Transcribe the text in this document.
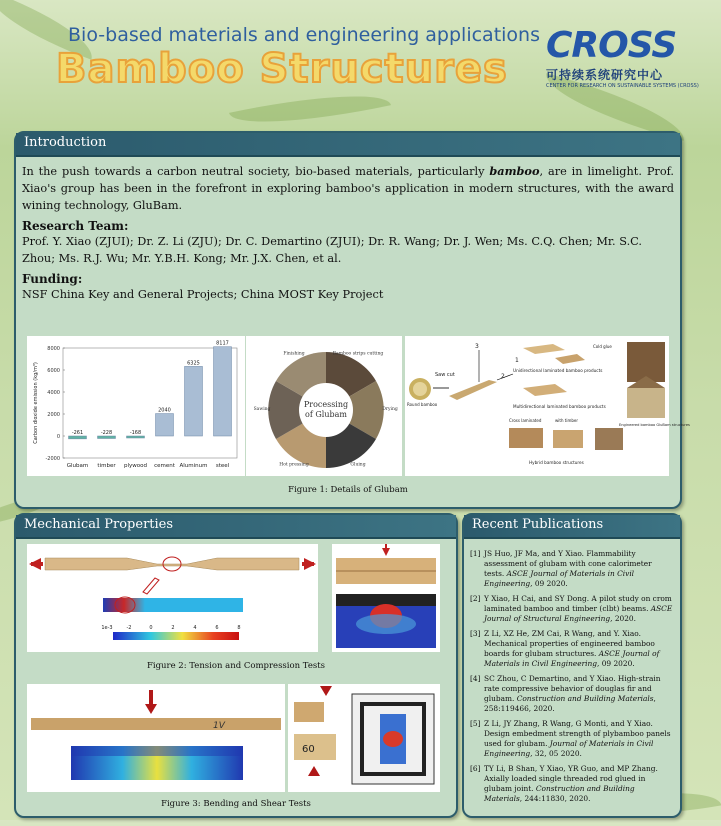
Bio-based materials and engineering applications
Bamboo Structures
CROSS
可持续系统研究中心
CENTER FOR RESEARCH ON SUSTAINABLE SYSTEMS (CROSS)
Introduction
In the push towards a carbon neutral society, bio-based materials, particularly bamboo, are in limelight. Prof. Xiao's group has been in the forefront in exploring bamboo's application in modern structures, with the award wining technology, GluBam.
Research Team:
Prof. Y. Xiao (ZJUI); Dr. Z. Li (ZJU); Dr. C. Demartino (ZJUI); Dr. R. Wang; Dr. J. Wen; Ms. C.Q. Chen; Mr. S.C. Zhou; Ms. R.J. Wu; Mr. Y.B.H. Kong; Mr. J.X. Chen, et al.
Funding:
NSF China Key and General Projects; China MOST Key Project
-2000
0
2000
4000
6000
8000
Carbon dioxide emission (kg/m³)	-261
Glubam
-228
timber
-168
plywood
2040
cement
6325
Aluminum
8117
steel
Processing
of Glubam
Bamboo strips cutting
Drying
Gluing
Hot pressing
Sawing
Finishing
Round bamboo
Saw cut
3
2
1
Unidirectional laminated bamboo products
Multidirectional laminated bamboo products
Cross laminated	with timber
Hybrid bamboo structures
Cold glue
Engineered bamboo GluBam structures
Figure 1: Details of Glubam
Mechanical Properties
1e-3	-2	0	2	4	6	8
Figure 2: Tension and Compression Tests
1V
60
Figure 3: Bending and Shear Tests
Recent Publications
[1] JS Huo, JF Ma, and Y Xiao. Flammability assessment of glubam with cone calorimeter tests. ASCE Journal of Materials in Civil Engineering, 09 2020.
[2] Y Xiao, H Cai, and SY Dong. A pilot study on crom laminated bamboo and timber (clbt) beams. ASCE Journal of Structural Engineering, 2020.
[3] Z Li, XZ He, ZM Cai, R Wang, and Y. Xiao. Mechanical properties of engineered bamboo boards for glubam structures. ASCE Journal of Materials in Civil Engineering, 09 2020.
[4] SC Zhou, C Demartino, and Y Xiao. High-strain rate compressive behavior of douglas fir and glubam. Construction and Building Materials, 258:119466, 2020.
[5] Z Li, JY Zhang, R Wang, G Monti, and Y Xiao. Design embedment strength of plybamboo panels used for glubam. Journal of Materials in Civil Engineering, 32, 05 2020.
[6] TY Li, B Shan, Y Xiao, YR Guo, and MP Zhang. Axially loaded single threaded rod glued in glubam joint. Construction and Building Materials, 244:11830, 2020.
